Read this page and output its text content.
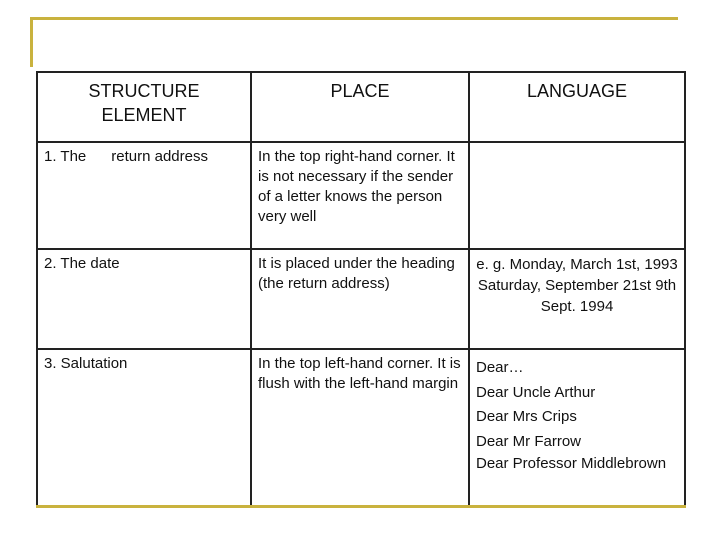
STRUCTURE ELEMENT	PLACE	LANGUAGE
1. The      return address	In the top right-hand corner. It is not necessary if the sender of a letter knows the person very well	
2. The date	It is placed under the heading (the return address)	e. g. Monday, March 1st, 1993 Saturday, September 21st 9th Sept. 1994
3. Salutation	In the top left-hand corner. It is flush with the left-hand margin	Dear…
Dear Uncle Arthur
Dear Mrs Crips
Dear Mr Farrow
Dear Professor Middlebrown
